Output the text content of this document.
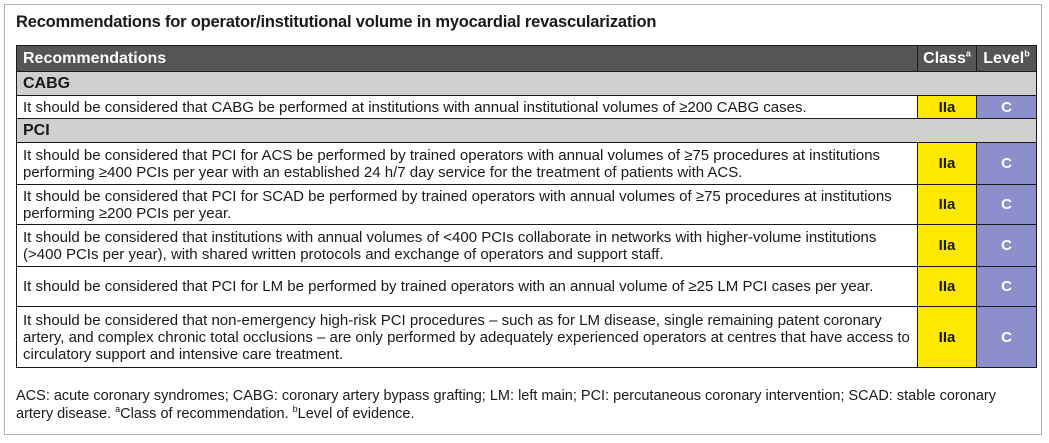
Recommendations for operator/institutional volume in myocardial revascularization
Recommendations	Class$^a$	Level$^b$
CABG		
It should be considered that CABG be performed at institutions with annual institutional volumes of ≥200 CABG cases.	IIa	C
PCI		
It should be considered that PCI for ACS be performed by trained operators with annual volumes of ≥75 procedures at institutions performing ≥400 PCIs per year with an established 24 h/7 day service for the treatment of patients with ACS.	IIa	C
It should be considered that PCI for SCAD be performed by trained operators with annual volumes of ≥75 procedures at institutions performing ≥200 PCIs per year.	IIa	C
It should be considered that institutions with annual volumes of <400 PCIs collaborate in networks with higher-volume institutions (>400 PCIs per year), with shared written protocols and exchange of operators and support staff.	IIa	C
It should be considered that PCI for LM be performed by trained operators with an annual volume of ≥25 LM PCI cases per year.	IIa	C
It should be considered that non-emergency high-risk PCI procedures – such as for LM disease, single remaining patent coronary artery, and complex chronic total occlusions – are only performed by adequately experienced operators at centres that have access to circulatory support and intensive care treatment.	IIa	C
ACS: acute coronary syndromes; CABG: coronary artery bypass grafting; LM: left main; PCI: percutaneous coronary intervention; SCAD: stable coronary artery disease. $^a$Class of recommendation. $^b$Level of evidence.
